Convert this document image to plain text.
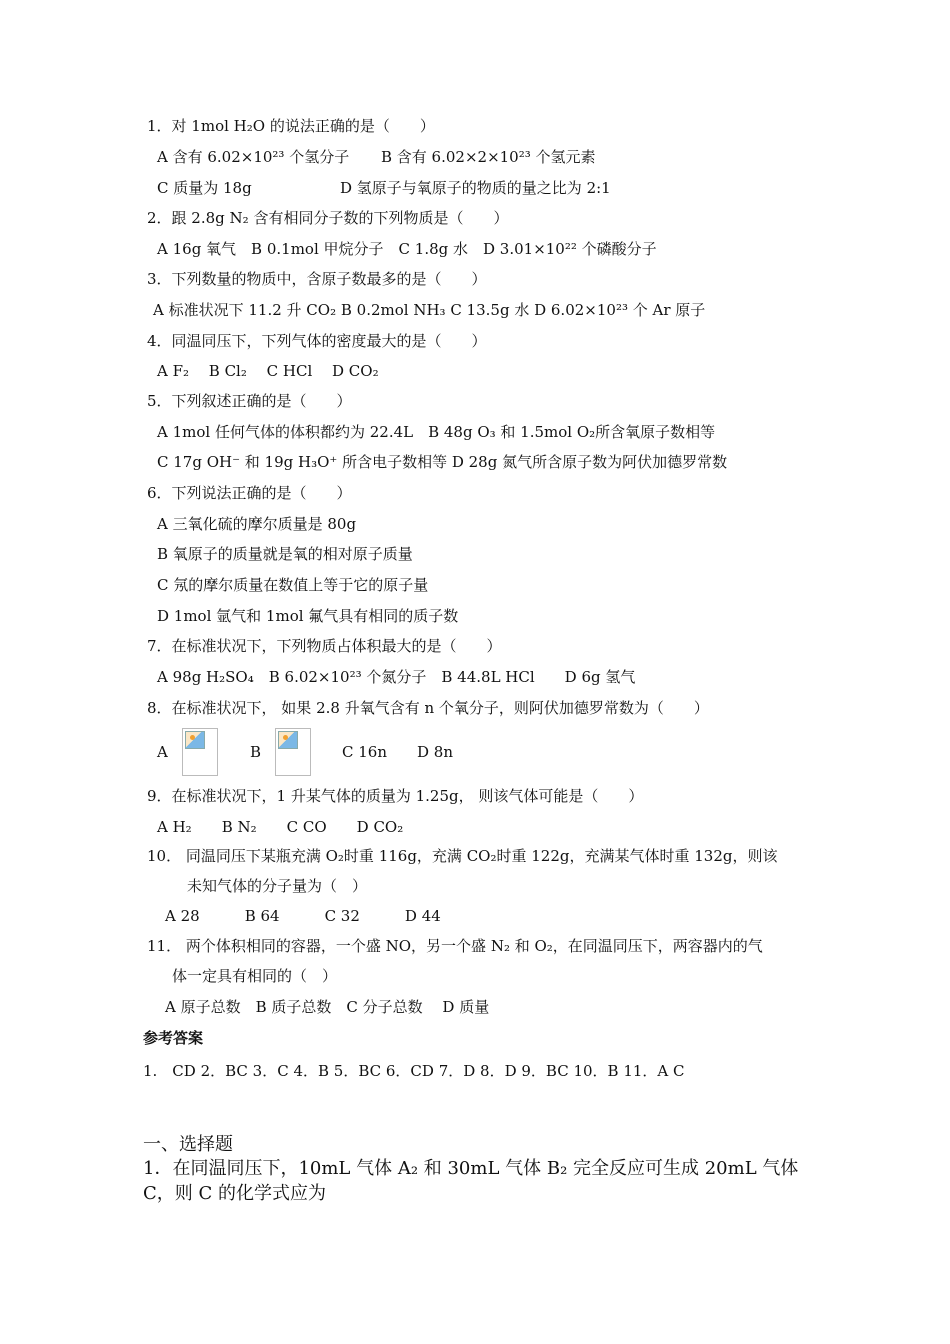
1．对 1mol H₂O 的说法正确的是（　　）
A 含有 6.02×10²³ 个氢分子 B 含有 6.02×2×10²³ 个氢元素
C 质量为 18g	D 氢原子与氧原子的物质的量之比为 2:1
2．跟 2.8g N₂ 含有相同分子数的下列物质是（　　）
A 16g 氧气　B 0.1mol 甲烷分子　C 1.8g 水　D 3.01×10²² 个磷酸分子
3．下列数量的物质中，含原子数最多的是（　　）
A 标准状况下 11.2 升 CO₂ B 0.2mol NH₃ C 13.5g 水 D 6.02×10²³ 个 Ar 原子
4．同温同压下，下列气体的密度最大的是（　　）
A F₂　 B Cl₂　 C HCl　 D CO₂
5．下列叙述正确的是（　　）
A 1mol 任何气体的体积都约为 22.4L　B 48g O₃ 和 1.5mol O₂所含氧原子数相等
C 17g OH⁻ 和 19g H₃O⁺ 所含电子数相等 D 28g 氮气所含原子数为阿伏加德罗常数
6．下列说法正确的是（　　）
A 三氧化硫的摩尔质量是 80g
B 氧原子的质量就是氧的相对原子质量
C 氖的摩尔质量在数值上等于它的原子量
D 1mol 氩气和 1mol 氟气具有相同的质子数
7．在标准状况下，下列物质占体积最大的是（　　）
A 98g H₂SO₄　B 6.02×10²³ 个氮分子　B 44.8L HCl　　D 6g 氢气
8．在标准状况下， 如果 2.8 升氧气含有 n 个氧分子，则阿伏加德罗常数为（　　）
A	B	C 16n　　D 8n
9．在标准状况下，1 升某气体的质量为 1.25g， 则该气体可能是（　　）
A H₂　　B N₂　　C CO　　D CO₂
10． 同温同压下某瓶充满 O₂时重 116g，充满 CO₂时重 122g，充满某气体时重 132g，则该
未知气体的分子量为（　）
A 28　　　B 64　　　C 32　　　D 44
11． 两个体积相同的容器，一个盛 NO，另一个盛 N₂ 和 O₂，在同温同压下，两容器内的气
体一定具有相同的（　）
A 原子总数　B 质子总数　C 分子总数　 D 质量
参考答案
1.　CD 2．BC 3．C 4．B 5．BC 6．CD 7．D 8．D 9．BC 10．B 11．A C
一、选择题
1．在同温同压下，10mL 气体 A₂ 和 30mL 气体 B₂ 完全反应可生成 20mL 气体
C，则 C 的化学式应为
